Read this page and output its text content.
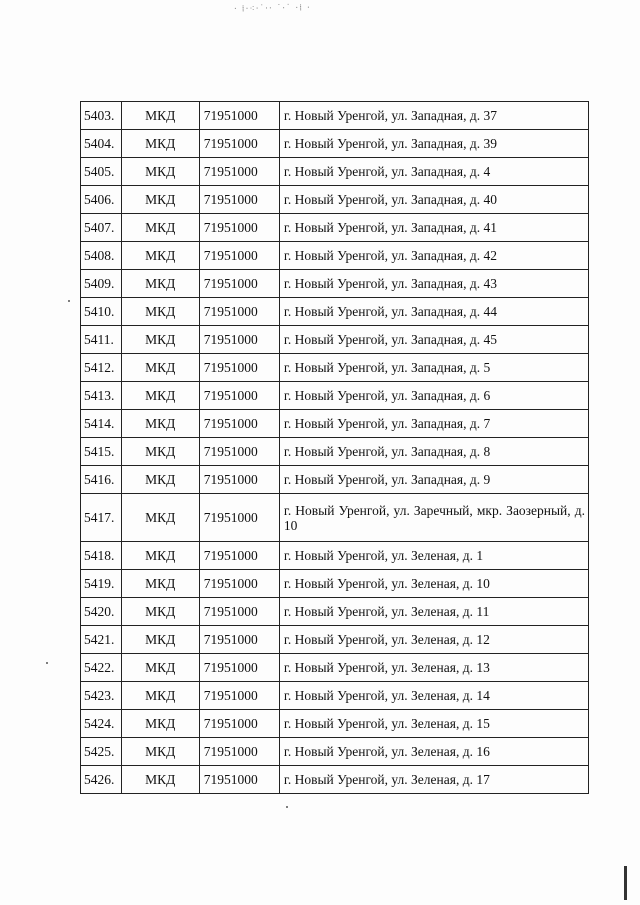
· ⁞·⁖·˙·· ˙·˙ ·⁞ ·
5403.	МКД	71951000	г. Новый Уренгой, ул. Западная, д. 37
5404.	МКД	71951000	г. Новый Уренгой, ул. Западная, д. 39
5405.	МКД	71951000	г. Новый Уренгой, ул. Западная, д. 4
5406.	МКД	71951000	г. Новый Уренгой, ул. Западная, д. 40
5407.	МКД	71951000	г. Новый Уренгой, ул. Западная, д. 41
5408.	МКД	71951000	г. Новый Уренгой, ул. Западная, д. 42
5409.	МКД	71951000	г. Новый Уренгой, ул. Западная, д. 43
5410.	МКД	71951000	г. Новый Уренгой, ул. Западная, д. 44
5411.	МКД	71951000	г. Новый Уренгой, ул. Западная, д. 45
5412.	МКД	71951000	г. Новый Уренгой, ул. Западная, д. 5
5413.	МКД	71951000	г. Новый Уренгой, ул. Западная, д. 6
5414.	МКД	71951000	г. Новый Уренгой, ул. Западная, д. 7
5415.	МКД	71951000	г. Новый Уренгой, ул. Западная, д. 8
5416.	МКД	71951000	г. Новый Уренгой, ул. Западная, д. 9
5417.	МКД	71951000	г. Новый Уренгой, ул. Заречный, мкр. Заозерный, д. 10
5418.	МКД	71951000	г. Новый Уренгой, ул. Зеленая, д. 1
5419.	МКД	71951000	г. Новый Уренгой, ул. Зеленая, д. 10
5420.	МКД	71951000	г. Новый Уренгой, ул. Зеленая, д. 11
5421.	МКД	71951000	г. Новый Уренгой, ул. Зеленая, д. 12
5422.	МКД	71951000	г. Новый Уренгой, ул. Зеленая, д. 13
5423.	МКД	71951000	г. Новый Уренгой, ул. Зеленая, д. 14
5424.	МКД	71951000	г. Новый Уренгой, ул. Зеленая, д. 15
5425.	МКД	71951000	г. Новый Уренгой, ул. Зеленая, д. 16
5426.	МКД	71951000	г. Новый Уренгой, ул. Зеленая, д. 17
